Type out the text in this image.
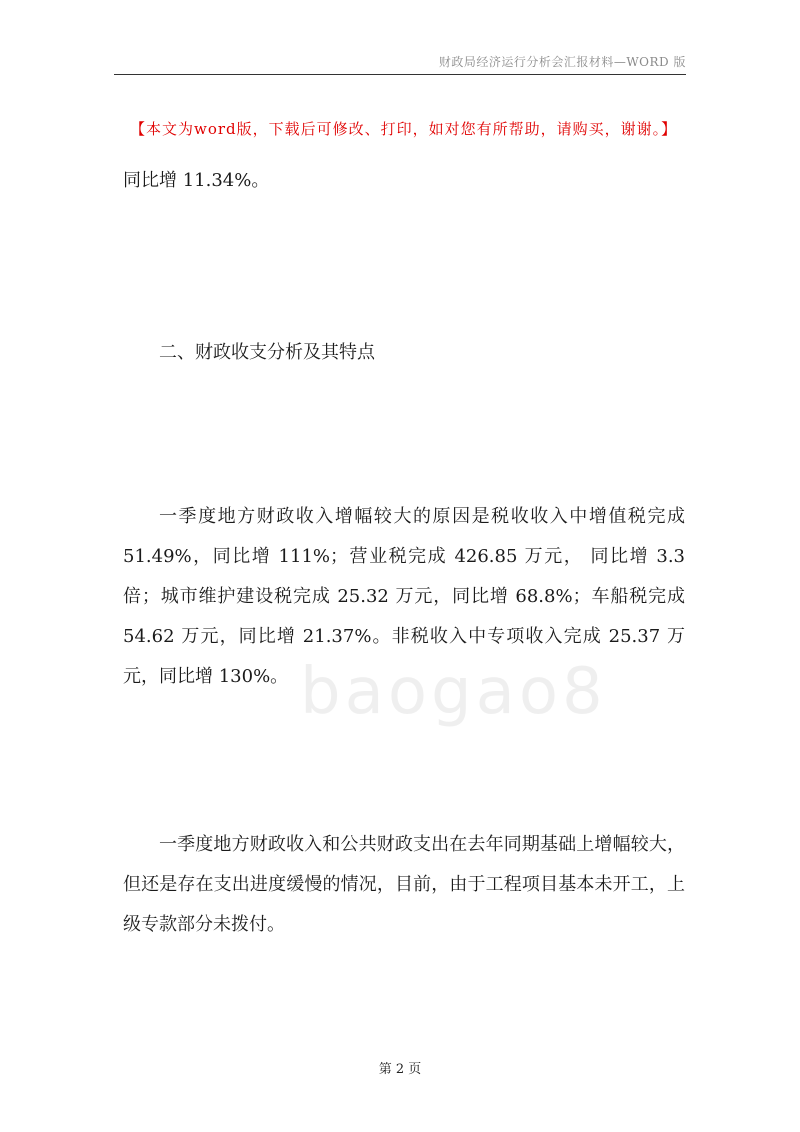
财政局经济运行分析会汇报材料—WORD 版
【本文为word版，下载后可修改、打印，如对您有所帮助，请购买，谢谢。】
同比增 11.34%。
二、财政收支分析及其特点
一季度地方财政收入增幅较大的原因是税收收入中增值税完成 51.49%，同比增 111%；营业税完成 426.85 万元， 同比增 3.3 倍；城市维护建设税完成 25.32 万元，同比增 68.8%；车船税完成 54.62 万元，同比增 21.37%。非税收入中专项收入完成 25.37 万元，同比增 130%。
一季度地方财政收入和公共财政支出在去年同期基础上增幅较大，但还是存在支出进度缓慢的情况，目前，由于工程项目基本未开工，上级专款部分未拨付。
baogao8
第 2 页
